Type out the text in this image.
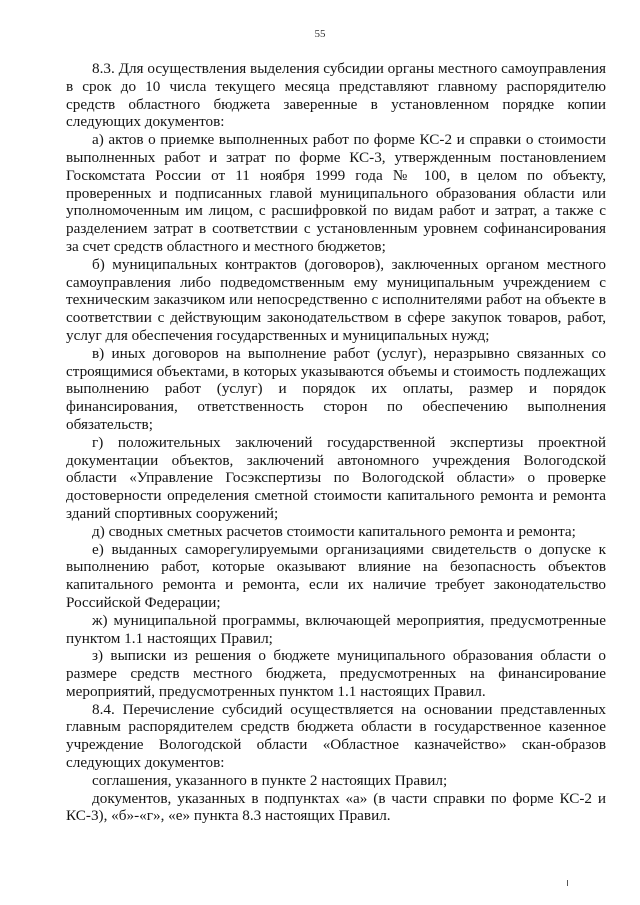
55

8.3. Для осуществления выделения субсидии органы местного самоуправления в срок до 10 числа текущего месяца представляют главному распорядителю средств областного бюджета заверенные в установленном порядке копии следующих документов:

а) актов о приемке выполненных работ по форме КС-2 и справки о стоимости выполненных работ и затрат по форме КС-3, утвержденным постановлением Госкомстата России от 11 ноября 1999 года № 100, в целом по объекту, проверенных и подписанных главой муниципального образования области или уполномоченным им лицом, с расшифровкой по видам работ и затрат, а также с разделением затрат в соответствии с установленным уровнем софинансирования за счет средств областного и местного бюджетов;

б) муниципальных контрактов (договоров), заключенных органом местного самоуправления либо подведомственным ему муниципальным учреждением с техническим заказчиком или непосредственно с исполнителями работ на объекте в соответствии с действующим законодательством в сфере закупок товаров, работ, услуг для обеспечения государственных и муниципальных нужд;

в) иных договоров на выполнение работ (услуг), неразрывно связанных со строящимися объектами, в которых указываются объемы и стоимость подлежащих выполнению работ (услуг) и порядок их оплаты, размер и порядок финансирования, ответственность сторон по обеспечению выполнения обязательств;

г) положительных заключений государственной экспертизы проектной документации объектов, заключений автономного учреждения Вологодской области «Управление Госэкспертизы по Вологодской области» о проверке достоверности определения сметной стоимости капитального ремонта и ремонта зданий спортивных сооружений;

д) сводных сметных расчетов стоимости капитального ремонта и ремонта;

е) выданных саморегулируемыми организациями свидетельств о допуске к выполнению работ, которые оказывают влияние на безопасность объектов капитального ремонта и ремонта, если их наличие требует законодательство Российской Федерации;

ж) муниципальной программы, включающей мероприятия, предусмотренные пунктом 1.1 настоящих Правил;

з) выписки из решения о бюджете муниципального образования области о размере средств местного бюджета, предусмотренных на финансирование мероприятий, предусмотренных пунктом 1.1 настоящих Правил.

8.4. Перечисление субсидий осуществляется на основании представленных главным распорядителем средств бюджета области в государственное казенное учреждение Вологодской области «Областное казначейство» скан-образов следующих документов:

соглашения, указанного в пункте 2 настоящих Правил;

документов, указанных в подпунктах «а» (в части справки по форме КС-2 и КС-3), «б»-«г», «е» пункта 8.3 настоящих Правил.
